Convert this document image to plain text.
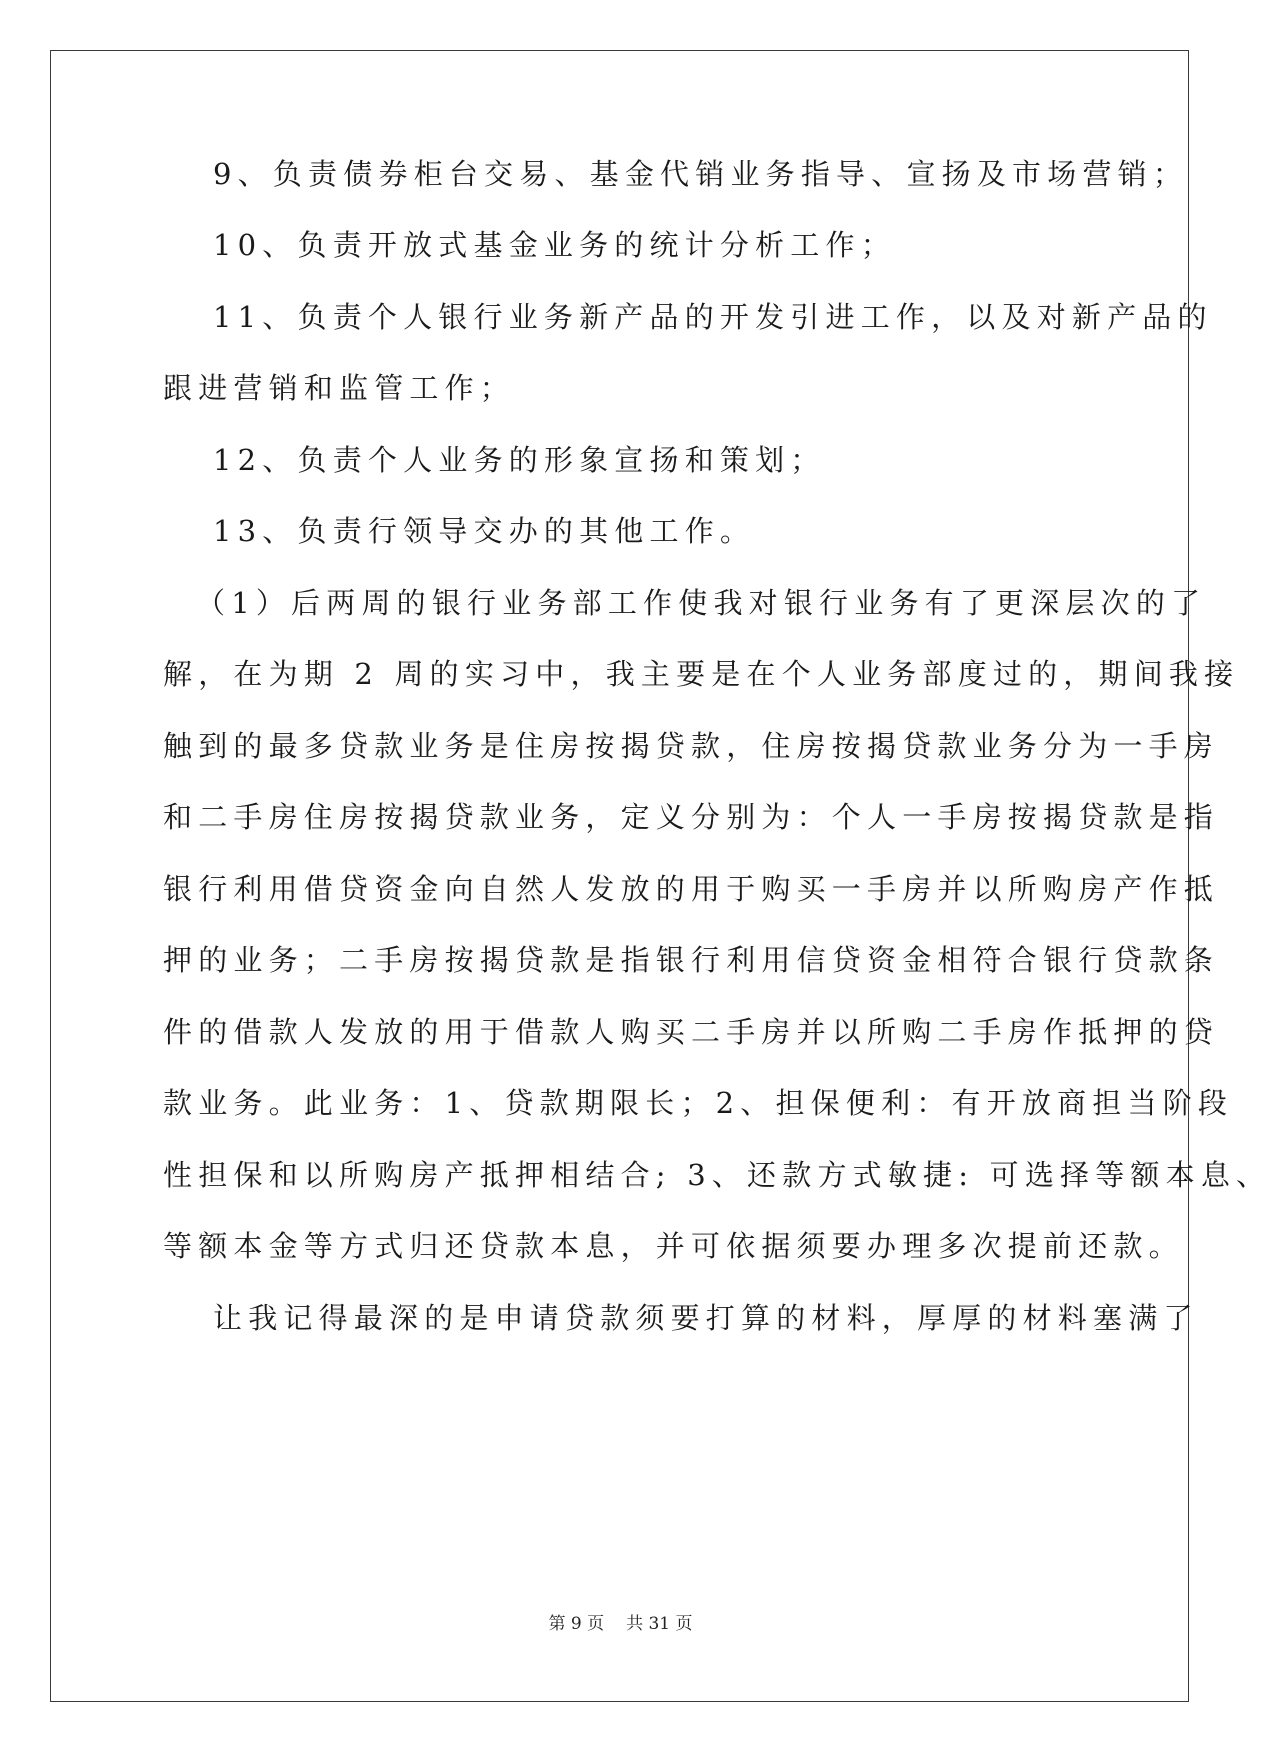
9、负责债券柜台交易、基金代销业务指导、宣扬及市场营销；
10、负责开放式基金业务的统计分析工作；
11、负责个人银行业务新产品的开发引进工作，以及对新产品的
跟进营销和监管工作；
12、负责个人业务的形象宣扬和策划；
13、负责行领导交办的其他工作。
（1）后两周的银行业务部工作使我对银行业务有了更深层次的了
解，在为期 2 周的实习中，我主要是在个人业务部度过的，期间我接
触到的最多贷款业务是住房按揭贷款，住房按揭贷款业务分为一手房
和二手房住房按揭贷款业务，定义分别为：个人一手房按揭贷款是指
银行利用借贷资金向自然人发放的用于购买一手房并以所购房产作抵
押的业务；二手房按揭贷款是指银行利用信贷资金相符合银行贷款条
件的借款人发放的用于借款人购买二手房并以所购二手房作抵押的贷
款业务。此业务：1、贷款期限长；2、担保便利：有开放商担当阶段
性担保和以所购房产抵押相结合; 3、还款方式敏捷: 可选择等额本息、
等额本金等方式归还贷款本息，并可依据须要办理多次提前还款。
让我记得最深的是申请贷款须要打算的材料，厚厚的材料塞满了
第 9 页 共 31 页
